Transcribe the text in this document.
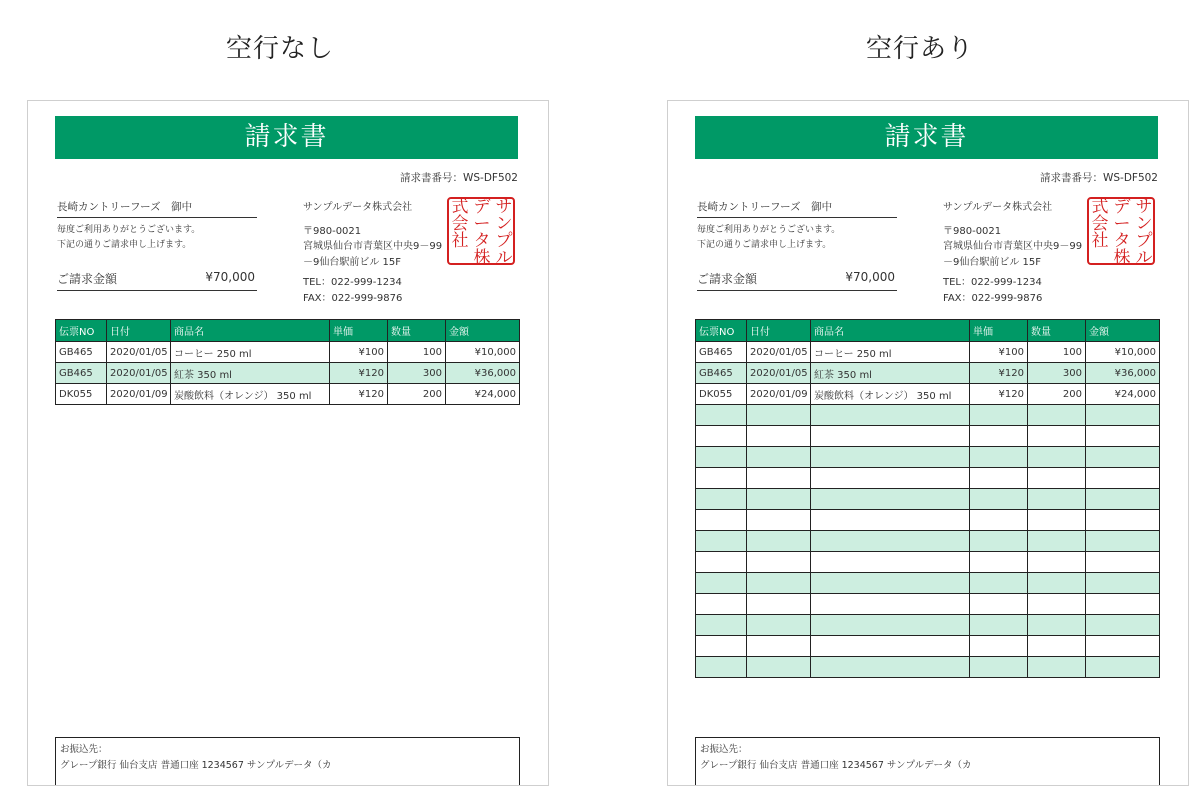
空行なし	空行あり
請求書
請求書番号：WS-DF502
長崎カントリーフーズ　御中
毎度ご利用ありがとうございます。
下記の通りご請求申し上げます。
ご請求金額	¥70,000
サンプルデータ株式会社
〒980-0021
宮城県仙台市青葉区中央9－99
－9仙台駅前ビル 15F
TEL：022-999-1234
FAX：022-999-9876
サ
ン
プ
ル
デ
ー
タ
株
式
会
社
伝票NO	日付	商品名	単価	数量	金額
GB465	2020/01/05	コーヒー 250 ml	¥100	100	¥10,000
GB465	2020/01/05	紅茶 350 ml	¥120	300	¥36,000
DK055	2020/01/09	炭酸飲料（オレンジ） 350 ml	¥120	200	¥24,000
お振込先：
グレープ銀行 仙台支店 普通口座 1234567 サンプルデータ（カ
請求書
請求書番号：WS-DF502
長崎カントリーフーズ　御中
毎度ご利用ありがとうございます。
下記の通りご請求申し上げます。
ご請求金額	¥70,000
サンプルデータ株式会社
〒980-0021
宮城県仙台市青葉区中央9－99
－9仙台駅前ビル 15F
TEL：022-999-1234
FAX：022-999-9876
サ
ン
プ
ル
デ
ー
タ
株
式
会
社
伝票NO	日付	商品名	単価	数量	金額
GB465	2020/01/05	コーヒー 250 ml	¥100	100	¥10,000
GB465	2020/01/05	紅茶 350 ml	¥120	300	¥36,000
DK055	2020/01/09	炭酸飲料（オレンジ） 350 ml	¥120	200	¥24,000

お振込先：
グレープ銀行 仙台支店 普通口座 1234567 サンプルデータ（カ
